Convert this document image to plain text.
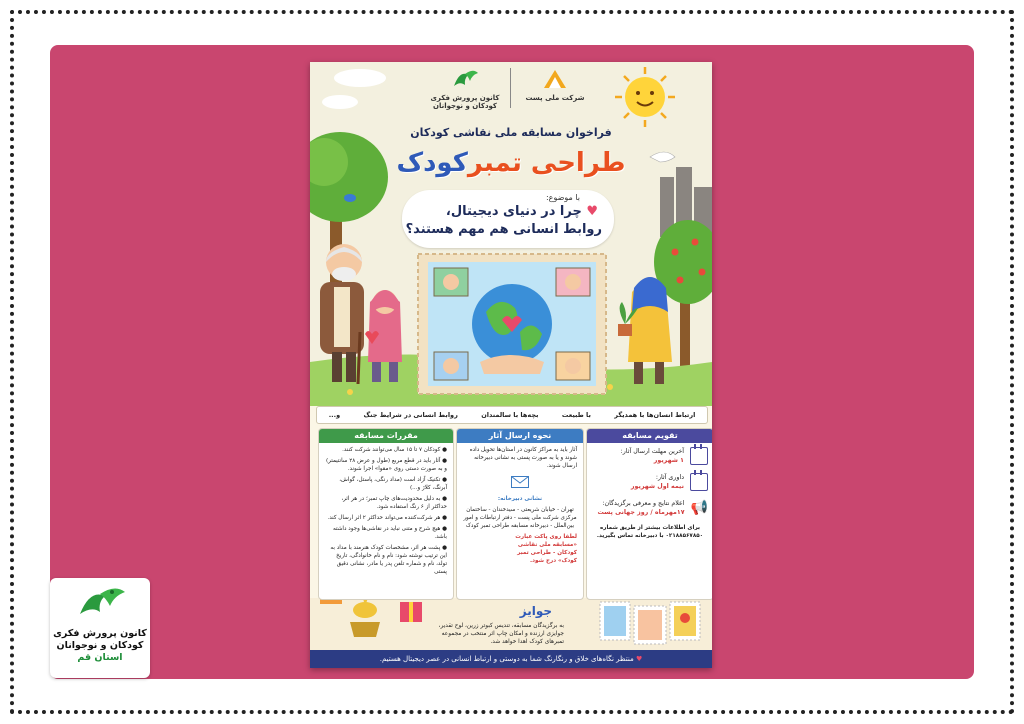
کانون پرورش فکری
کودکان و نوجوانان
استان قم
شرکت ملی پست
کانون پرورش فکری کودکان و نوجوانان
فراخوان مسابقه ملی نقاشی کودکان
طراحی تمبرکودک
با موضوع:
♥ چرا در دنیای دیجیتال،
روابط انسانی هم مهم هستند؟
ارتباط انسان‌ها با همدیگر
با طبیعت
بچه‌ها با سالمندان
روابط انسانی در شرایط جنگ
و...
تقویم مسابقه
آخرین مهلت ارسال آثار:
۱ شهریور
داوری آثار:
نیمه اول شهریور
📢
اعلام نتایج و معرفی برگزیدگان:
۱۷مهرماه / روز جهانی پست
برای اطلاعات بیشتر از طریق شماره ۰۲۱۸۸۵۶۷۸۵۰ با دبیرخانه تماس بگیرید.
نحوه ارسال آثار
آثار باید به مراکز کانون در استان‌ها تحویل داده شوند و یا به صورت پستی به نشانی دبیرخانه ارسال شوند.
نشانی دبیرخانه:
تهران - خیابان شریعتی - سیدخندان - ساختمان مرکزی شرکت ملی پست - دفتر ارتباطات و امور بین‌الملل - دبیرخانه مسابقه طراحی تمبر کودک
لطفا روی پاکت عبارت «مسابقه ملی نقاشی کودکان - طراحی تمبر کودک» درج شود.
مقررات مسابقه
● کودکان ۷ تا ۱۵ سال می‌توانند شرکت کنند.
● آثار باید در قطع مربع (طول و عرض ۲۸ سانتیمتر) و به صورت دستی روی «مقوا» اجرا شوند.
● تکنیک آزاد است (مداد رنگی، پاستل، گواش، آبرنگ، کلاژ و...)
● به دلیل محدودیت‌های چاپ تمبر؛ در هر اثر، حداکثر از ۶ رنگ استفاده شود.
● هر شرکت‌کننده می‌تواند حداکثر ۲ اثر ارسال کند.
● هیچ شرح و متنی نباید در نقاشی‌ها وجود داشته باشد.
● پشت هر اثر، مشخصات کودک هنرمند با مداد به این ترتیب نوشته شود: نام و نام خانوادگی، تاریخ تولد، نام و شماره تلفن پدر یا مادر، نشانی دقیق پستی
جوایز
به برگزیدگان مسابقه، تندیس کبوتر زرین، لوح تقدیر، جوایزی ارزنده و امکان چاپ اثر منتخب در مجموعه تمبرهای کودک اهدا خواهد شد.
♥ منتظر نگاه‌های خلاق و رنگارنگ شما به دوستی و ارتباط انسانی در عصر دیجیتال هستیم.
